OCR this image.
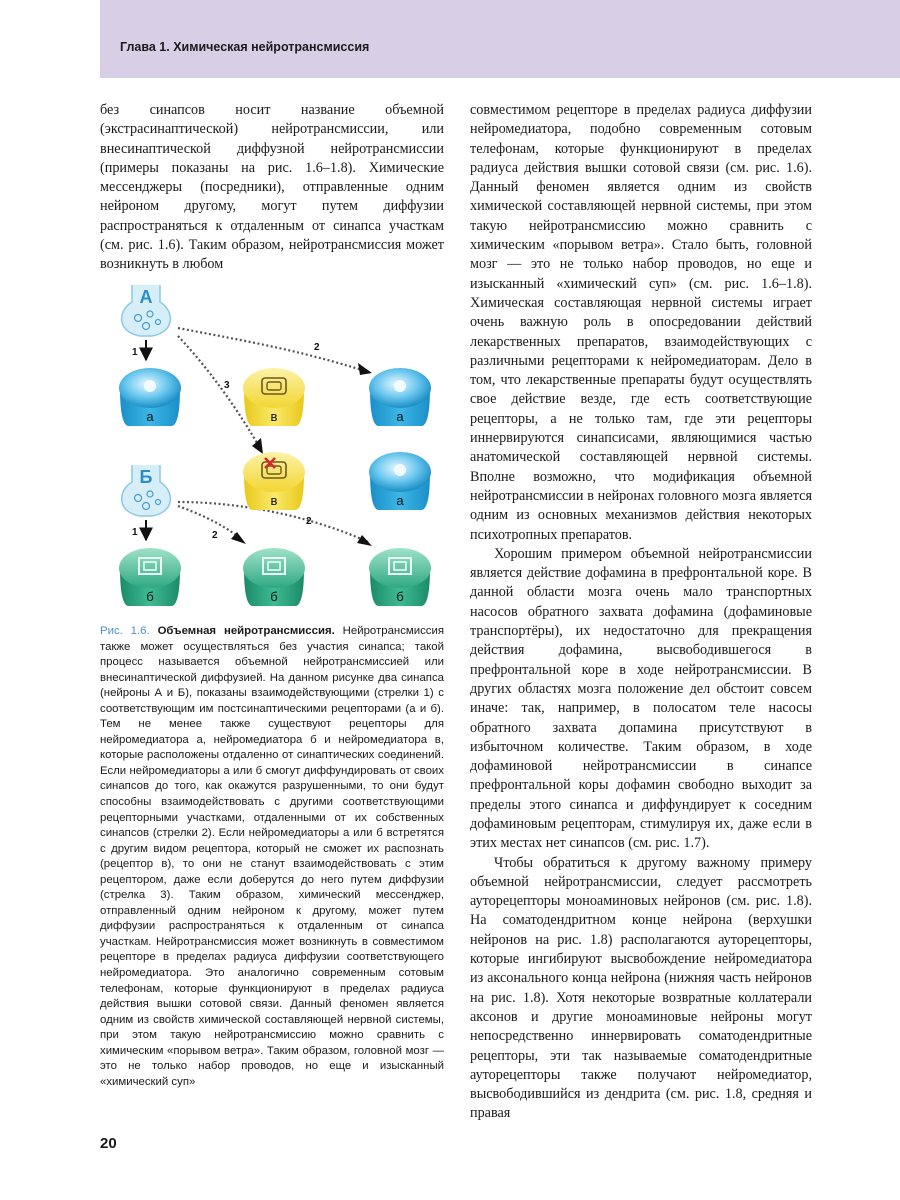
Глава 1. Химическая нейротрансмиссия

без синапсов носит название объемной (экстрасинаптической) нейротрансмиссии, или внесинаптической диффузной нейротрансмиссии (примеры показаны на рис. 1.6–1.8). Химические мессенджеры (посредники), отправленные одним нейроном другому, могут путем диффузии распространяться к отдаленным от синапса участкам (см. рис. 1.6). Таким образом, нейротрансмиссия может возникнуть в любом

А
1
Б
1
2
3
2
2
а	в	а
в	а
б	б	б

Рис. 1.6. Объемная нейротрансмиссия. Нейротрансмиссия также может осуществляться без участия синапса; такой процесс называется объемной нейротрансмиссией или внесинаптической диффузией. На данном рисунке два синапса (нейроны А и Б), показаны взаимодействующими (стрелки 1) с соответствующим им постсинаптическими рецепторами (а и б). Тем не менее также существуют рецепторы для нейромедиатора а, нейромедиатора б и нейромедиатора в, которые расположены отдаленно от синаптических соединений. Если нейромедиаторы а или б смогут диффундировать от своих синапсов до того, как окажутся разрушенными, то они будут способны взаимодействовать с другими соответствующими рецепторными участками, отдаленными от их собственных синапсов (стрелки 2). Если нейромедиаторы а или б встретятся с другим видом рецептора, который не сможет их распознать (рецептор в), то они не станут взаимодействовать с этим рецептором, даже если доберутся до него путем диффузии (стрелка 3). Таким образом, химический мессенджер, отправленный одним нейроном к другому, может путем диффузии распространяться к отдаленным от синапса участкам. Нейротрансмиссия может возникнуть в совместимом рецепторе в пределах радиуса диффузии соответствующего нейромедиатора. Это аналогично современным сотовым телефонам, которые функционируют в пределах радиуса действия вышки сотовой связи. Данный феномен является одним из свойств химической составляющей нервной системы, при этом такую нейротрансмиссию можно сравнить с химическим «порывом ветра». Таким образом, головной мозг — это не только набор проводов, но еще и изысканный «химический суп»

совместимом рецепторе в пределах радиуса диффузии нейромедиатора, подобно современным сотовым телефонам, которые функционируют в пределах радиуса действия вышки сотовой связи (см. рис. 1.6). Данный феномен является одним из свойств химической составляющей нервной системы, при этом такую нейротрансмиссию можно сравнить с химическим «порывом ветра». Стало быть, головной мозг — это не только набор проводов, но еще и изысканный «химический суп» (см. рис. 1.6–1.8). Химическая составляющая нервной системы играет очень важную роль в опосредовании действий лекарственных препаратов, взаимодействующих с различными рецепторами к нейромедиаторам. Дело в том, что лекарственные препараты будут осуществлять свое действие везде, где есть соответствующие рецепторы, а не только там, где эти рецепторы иннервируются синапсисами, являющимися частью анатомической составляющей нервной системы. Вполне возможно, что модификация объемной нейротрансмиссии в нейронах головного мозга является одним из основных механизмов действия некоторых психотропных препаратов.

Хорошим примером объемной нейротрансмиссии является действие дофамина в префронтальной коре. В данной области мозга очень мало транспортных насосов обратного захвата дофамина (дофаминовые транспортёры), их недостаточно для прекращения действия дофамина, высвободившегося в префронтальной коре в ходе нейротрансмиссии. В других областях мозга положение дел обстоит совсем иначе: так, например, в полосатом теле насосы обратного захвата допамина присутствуют в избыточном количестве. Таким образом, в ходе дофаминовой нейротрансмиссии в синапсе префронтальной коры дофамин свободно выходит за пределы этого синапса и диффундирует к соседним дофаминовым рецепторам, стимулируя их, даже если в этих местах нет синапсов (см. рис. 1.7).

Чтобы обратиться к другому важному примеру объемной нейротрансмиссии, следует рассмотреть ауторецепторы моноаминовых нейронов (см. рис. 1.8). На соматодендритном конце нейрона (верхушки нейронов на рис. 1.8) располагаются ауторецепторы, которые ингибируют высвобождение нейромедиатора из аксонального конца нейрона (нижняя часть нейронов на рис. 1.8). Хотя некоторые возвратные коллатерали аксонов и другие моноаминовые нейроны могут непосредственно иннервировать соматодендритные рецепторы, эти так называемые соматодендритные ауторецепторы также получают нейромедиатор, высвободившийся из дендрита (см. рис. 1.8, средняя и правая

20
